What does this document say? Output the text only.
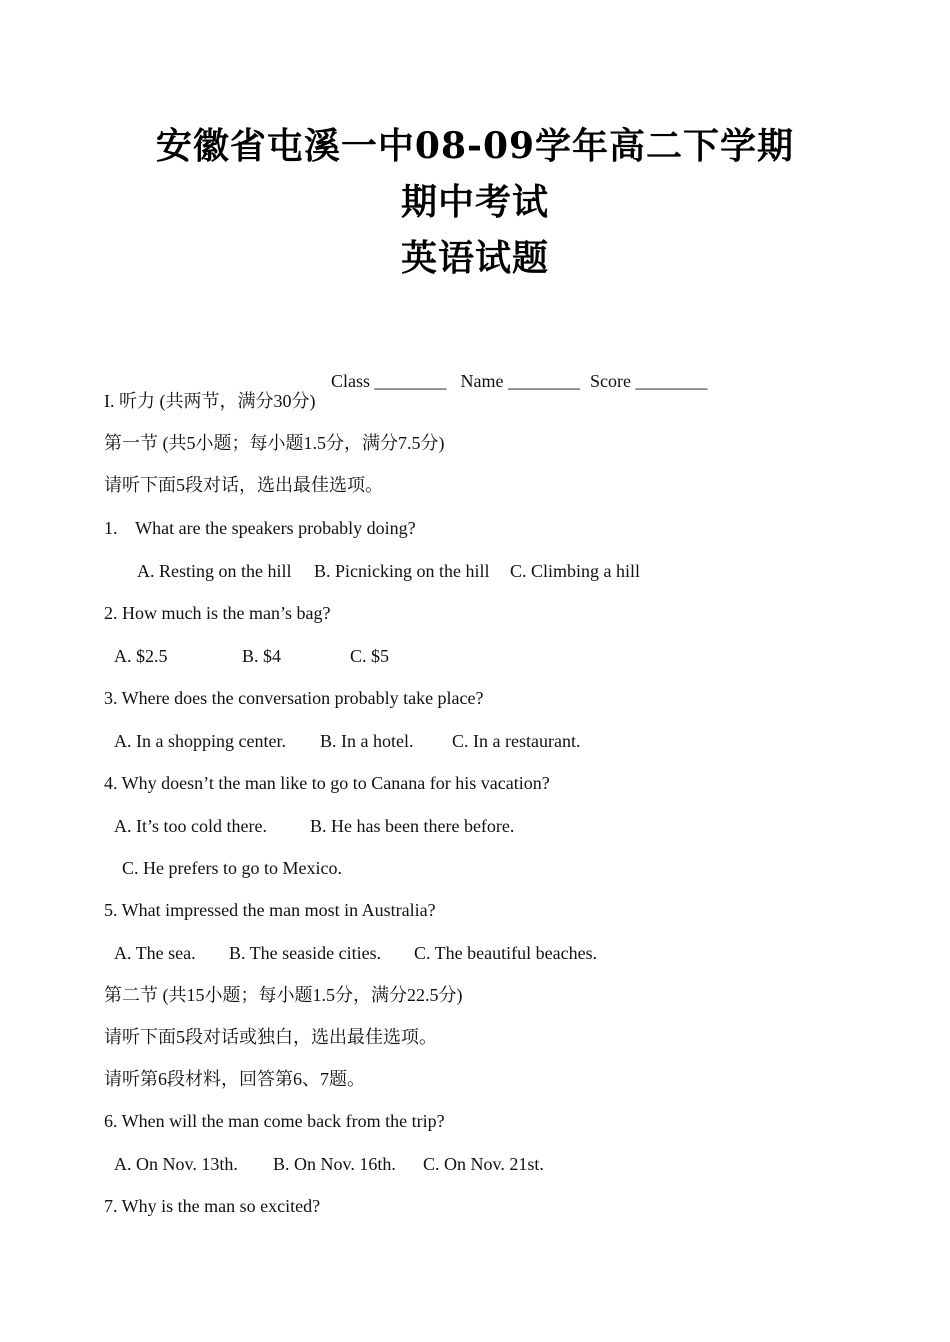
安徽省屯溪一中08-09学年高二下学期
期中考试
英语试题

Class ________ Name ________ Score ________

I. 听力 (共两节，满分30分)
第一节 (共5小题；每小题1.5分，满分7.5分)
请听下面5段对话，选出最佳选项。
1.    What are the speakers probably doing?
A. Resting on the hill B. Picnicking on the hill C. Climbing a hill
2. How much is the man’s bag?
A. $2.5	B. $4	C. $5
3. Where does the conversation probably take place?
A. In a shopping center. B. In a hotel. C. In a restaurant.
4. Why doesn’t the man like to go to Canana for his vacation?
A. It’s too cold there. B. He has been there before.
C. He prefers to go to Mexico.
5. What impressed the man most in Australia?
A. The sea. B. The seaside cities. C. The beautiful beaches.
第二节 (共15小题；每小题1.5分，满分22.5分)
请听下面5段对话或独白，选出最佳选项。
请听第6段材料，回答第6、7题。
6. When will the man come back from the trip?
A. On Nov. 13th. B. On Nov. 16th. C. On Nov. 21st.
7. Why is the man so excited?
